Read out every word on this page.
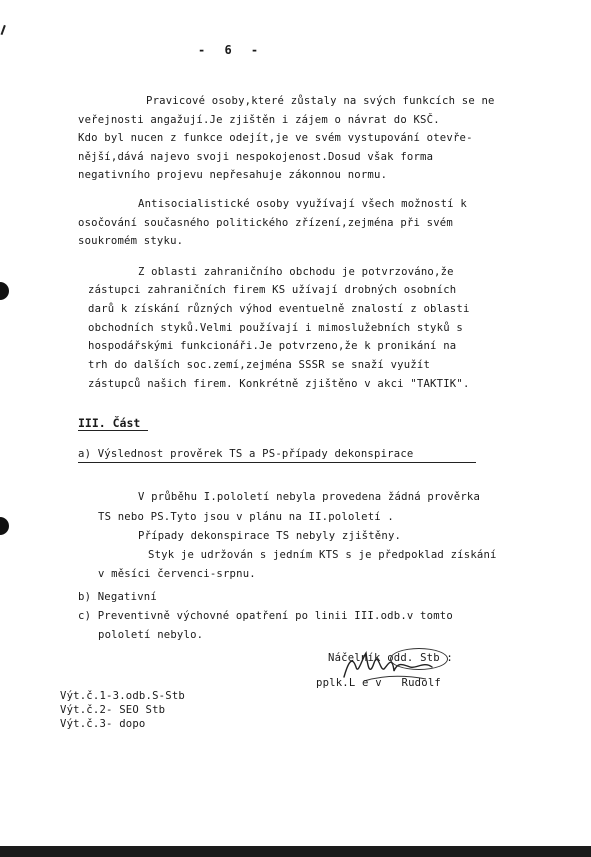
- 6 -
Pravicové osoby,které zůstaly na svých funkcích se ne
veřejnosti angažují.Je zjištěn i zájem o návrat do KSČ.
Kdo byl nucen z funkce odejít,je ve svém vystupování otevře-
nější,dává najevo svoji nespokojenost.Dosud však forma
negativního projevu nepřesahuje zákonnou normu.
Antisocialistické osoby využívají všech možností k
osočování současného politického zřízení,zejména při svém
soukromém styku.
Z oblasti zahraničního obchodu je potvrzováno,že
zástupci zahraničních firem KS užívají drobných osobních
darů k získání různých výhod eventuelně znalostí z oblasti
obchodních styků.Velmi používají i mimoslužebních styků s
hospodářskými funkcionáři.Je potvrzeno,že k pronikání na
trh do dalších soc.zemí,zejména SSSR se snaží využít
zástupců našich firem. Konkrétně zjištěno v akci "TAKTIK".
III. Část
a) Výslednost prověrek TS a PS-případy dekonspirace
V průběhu I.pololetí nebyla provedena žádná prověrka
TS nebo PS.Tyto jsou v plánu na II.pololetí .
Případy dekonspirace TS nebyly zjištěny.
Styk je udržován s jedním KTS s je předpoklad získání
v měsíci červenci-srpnu.
b) Negativní
c) Preventivně výchovné opatření po linii III.odb.v tomto
pololetí nebylo.
Náčelník odd. Stb :
pplk.L e v   Rudolf
Výt.č.1-3.odb.S-Stb
Výt.č.2- SEO Stb
Výt.č.3- dopo
